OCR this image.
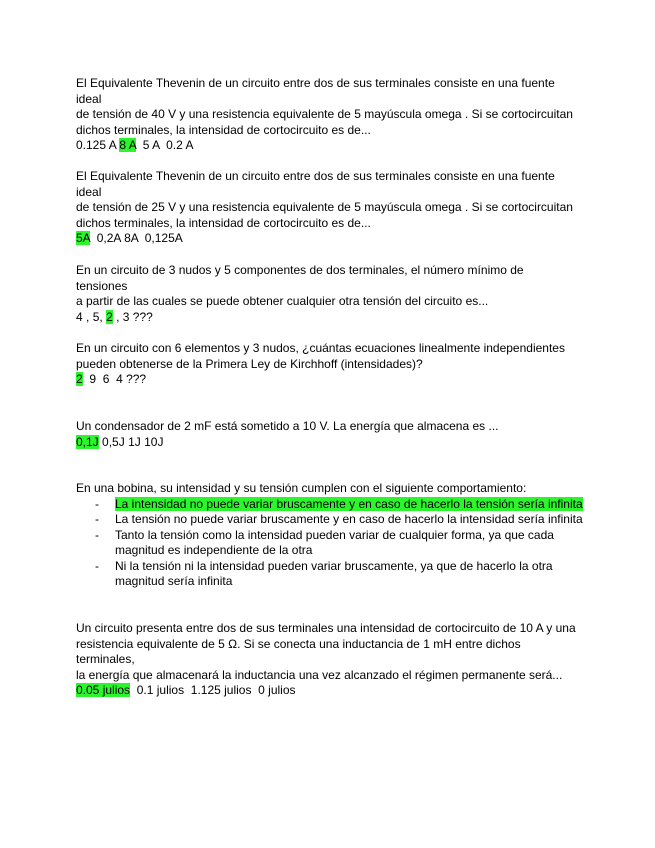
El Equivalente Thevenin de un circuito entre dos de sus terminales consiste en una fuente ideal

de tensión de 40 V y una resistencia equivalente de 5 mayúscula omega . Si se cortocircuitan

dichos terminales, la intensidad de cortocircuito es de...

0.125 A 8 A 5 A 0.2 A

El Equivalente Thevenin de un circuito entre dos de sus terminales consiste en una fuente ideal

de tensión de 25 V y una resistencia equivalente de 5 mayúscula omega . Si se cortocircuitan

dichos terminales, la intensidad de cortocircuito es de...

5A 0,2A 8A 0,125A

En un circuito de 3 nudos y 5 componentes de dos terminales, el número mínimo de tensiones

a partir de las cuales se puede obtener cualquier otra tensión del circuito es...

4 , 5, 2 , 3 ???

En un circuito con 6 elementos y 3 nudos, ¿cuántas ecuaciones linealmente independientes

pueden obtenerse de la Primera Ley de Kirchhoff (intensidades)?

2 9 6 4 ???

Un condensador de 2 mF está sometido a 10 V. La energía que almacena es ...

0,1J 0,5J 1J 10J

En una bobina, su intensidad y su tensión cumplen con el siguiente comportamiento:

- La intensidad no puede variar bruscamente y en caso de hacerlo la tensión sería infinita
- La tensión no puede variar bruscamente y en caso de hacerlo la intensidad sería infinita
- Tanto la tensión como la intensidad pueden variar de cualquier forma, ya que cada
magnitud es independiente de la otra
- Ni la tensión ni la intensidad pueden variar bruscamente, ya que de hacerlo la otra
magnitud sería infinita

Un circuito presenta entre dos de sus terminales una intensidad de cortocircuito de 10 A y una

resistencia equivalente de 5 Ω. Si se conecta una inductancia de 1 mH entre dichos terminales,

la energía que almacenará la inductancia una vez alcanzado el régimen permanente será...

0.05 julios 0.1 julios 1.125 julios 0 julios
